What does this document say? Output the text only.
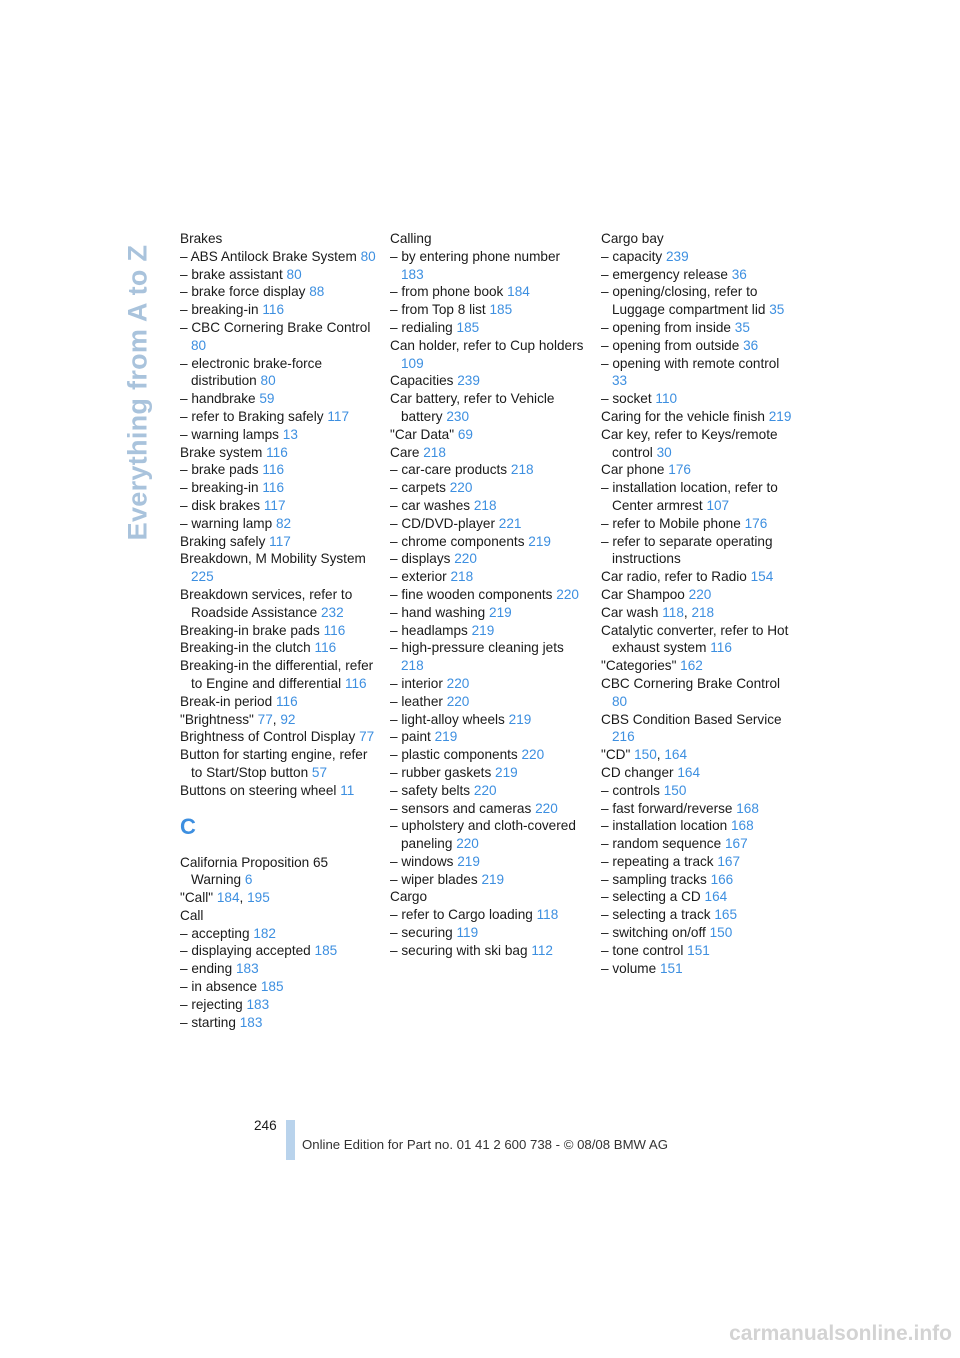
Everything from A to Z

Brakes

– ABS Antilock Brake System 80

– brake assistant 80

– brake force display 88

– breaking-in 116

– CBC Cornering Brake Control 80

– electronic brake-force distribution 80

– handbrake 59

– refer to Braking safely 117

– warning lamps 13

Brake system 116

– brake pads 116

– breaking-in 116

– disk brakes 117

– warning lamp 82

Braking safely 117

Breakdown, M Mobility System 225

Breakdown services, refer to Roadside Assistance 232

Breaking-in brake pads 116

Breaking-in the clutch 116

Breaking-in the differential, refer to Engine and differential 116

Break-in period 116

"Brightness" 77, 92

Brightness of Control Display 77

Button for starting engine, refer to Start/Stop button 57

Buttons on steering wheel 11

C

California Proposition 65 Warning 6

"Call" 184, 195

Call

– accepting 182

– displaying accepted 185

– ending 183

– in absence 185

– rejecting 183

– starting 183

Calling

– by entering phone number 183

– from phone book 184

– from Top 8 list 185

– redialing 185

Can holder, refer to Cup holders 109

Capacities 239

Car battery, refer to Vehicle battery 230

"Car Data" 69

Care 218

– car-care products 218

– carpets 220

– car washes 218

– CD/DVD-player 221

– chrome components 219

– displays 220

– exterior 218

– fine wooden components 220

– hand washing 219

– headlamps 219

– high-pressure cleaning jets 218

– interior 220

– leather 220

– light-alloy wheels 219

– paint 219

– plastic components 220

– rubber gaskets 219

– safety belts 220

– sensors and cameras 220

– upholstery and cloth-covered paneling 220

– windows 219

– wiper blades 219

Cargo

– refer to Cargo loading 118

– securing 119

– securing with ski bag 112

Cargo bay

– capacity 239

– emergency release 36

– opening/closing, refer to Luggage compartment lid 35

– opening from inside 35

– opening from outside 36

– opening with remote control 33

– socket 110

Caring for the vehicle finish 219

Car key, refer to Keys/remote control 30

Car phone 176

– installation location, refer to Center armrest 107

– refer to Mobile phone 176

– refer to separate operating instructions

Car radio, refer to Radio 154

Car Shampoo 220

Car wash 118, 218

Catalytic converter, refer to Hot exhaust system 116

"Categories" 162

CBC Cornering Brake Control 80

CBS Condition Based Service 216

"CD" 150, 164

CD changer 164

– controls 150

– fast forward/reverse 168

– installation location 168

– random sequence 167

– repeating a track 167

– sampling tracks 166

– selecting a CD 164

– selecting a track 165

– switching on/off 150

– tone control 151

– volume 151

246
Online Edition for Part no. 01 41 2 600 738 - © 08/08 BMW AG
carmanualsonline.info
